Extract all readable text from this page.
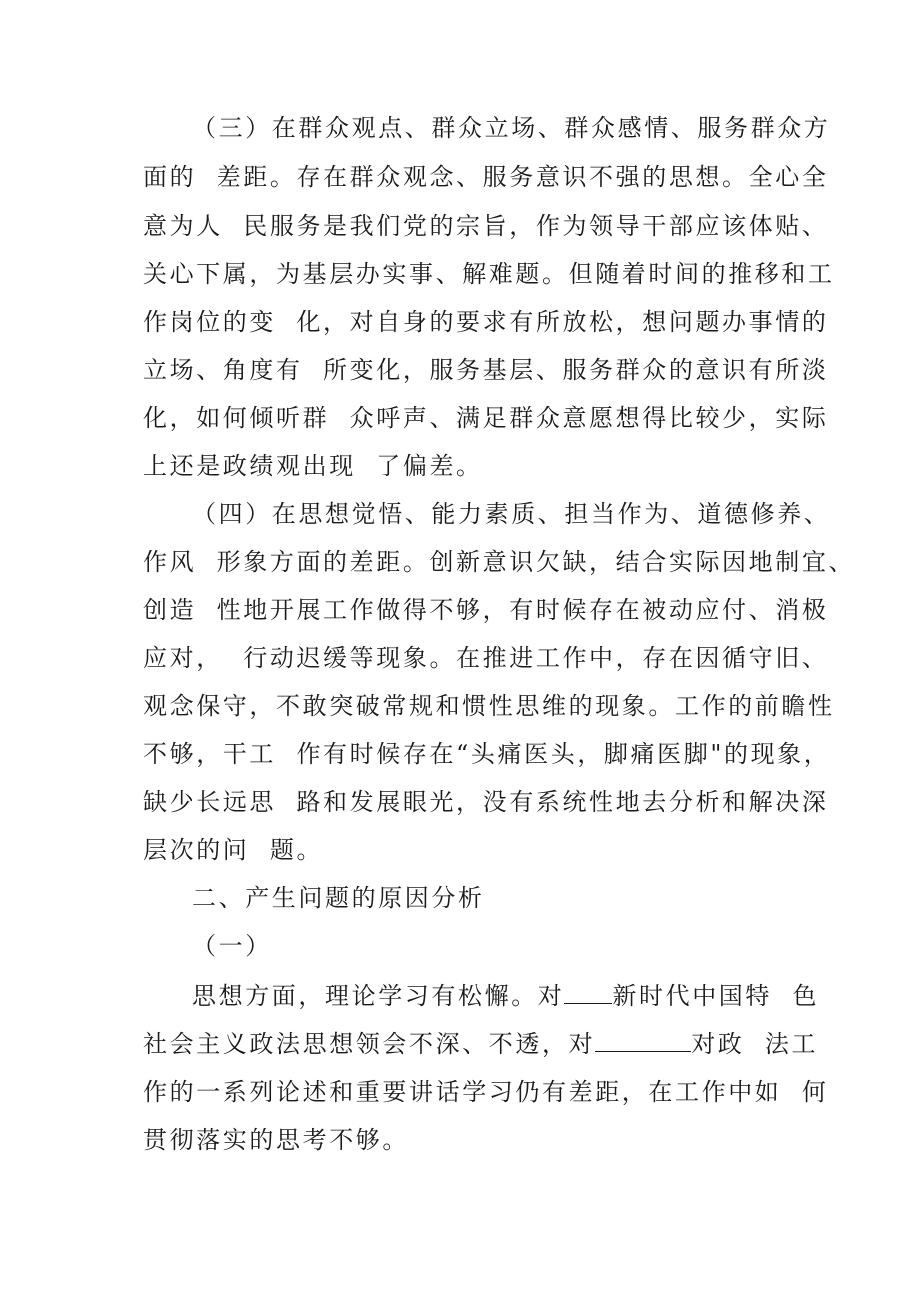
（三）在群众观点、群众立场、群众感情、服务群众方
面的  差距。存在群众观念、服务意识不强的思想。全心全
意为人  民服务是我们党的宗旨，作为领导干部应该体贴、
关心下属，为基层办实事、解难题。但随着时间的推移和工
作岗位的变  化，对自身的要求有所放松，想问题办事情的
立场、角度有  所变化，服务基层、服务群众的意识有所淡
化，如何倾听群  众呼声、满足群众意愿想得比较少，实际
上还是政绩观出现  了偏差。
（四）在思想觉悟、能力素质、担当作为、道德修养、
作风  形象方面的差距。创新意识欠缺，结合实际因地制宜、
创造  性地开展工作做得不够，有时候存在被动应付、消极
应对，  行动迟缓等现象。在推进工作中，存在因循守旧、
观念保守，不敢突破常规和惯性思维的现象。工作的前瞻性
不够，干工  作有时候存在“头痛医头，脚痛医脚"的现象，
缺少长远思  路和发展眼光，没有系统性地去分析和解决深
层次的问  题。
二、产生问题的原因分析
（一）
思想方面，理论学习有松懈。对 新时代中国特  色
社会主义政法思想领会不深、不透，对	对政  法工
作的一系列论述和重要讲话学习仍有差距，在工作中如  何
贯彻落实的思考不够。
